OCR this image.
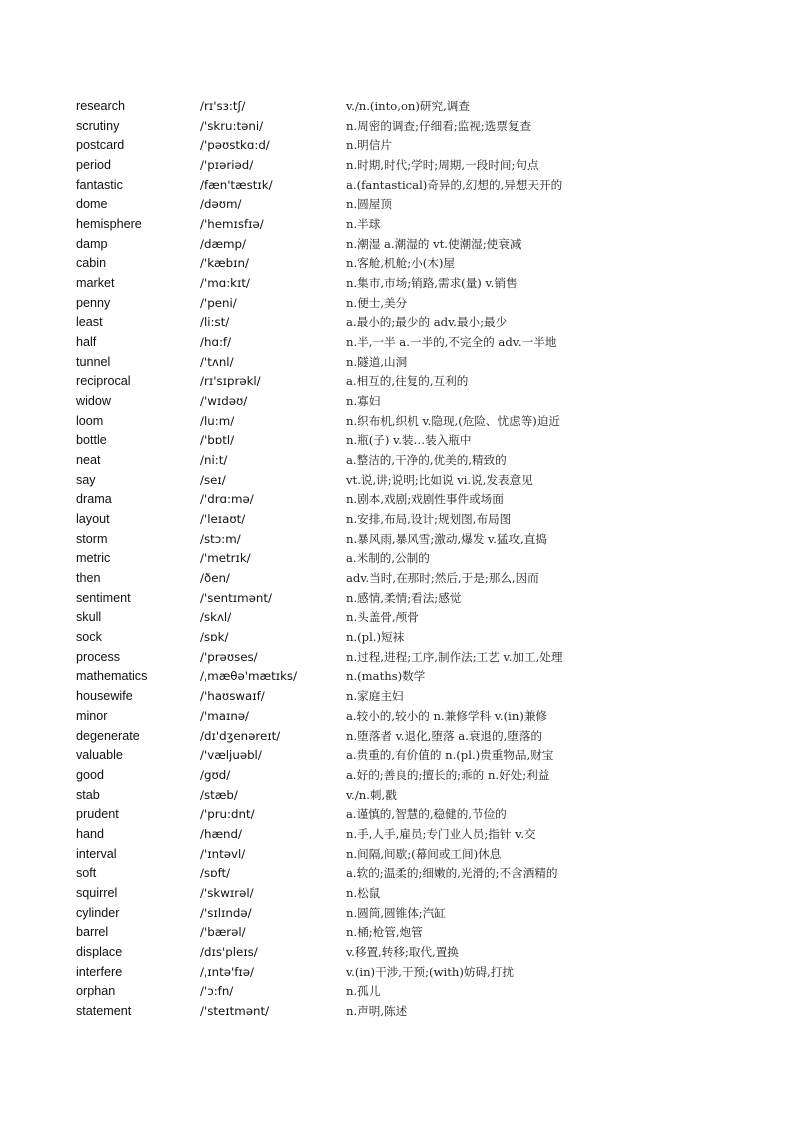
research	/rɪ'sɜ:tʃ/	v./n.(into,on)研究,调查
scrutiny	/'skru:təni/	n.周密的调查;仔细看;监视;选票复查
postcard	/'pəʊstkɑ:d/	n.明信片
period	/'pɪəriəd/	n.时期,时代;学时;周期,一段时间;句点
fantastic	/fæn'tæstɪk/	a.(fantastical)奇异的,幻想的,异想天开的
dome	/dəʊm/	n.圆屋顶
hemisphere	/'hemɪsfɪə/	n.半球
damp	/dæmp/	n.潮湿 a.潮湿的 vt.使潮湿;使衰减
cabin	/'kæbɪn/	n.客舱,机舱;小(木)屋
market	/'mɑ:kɪt/	n.集市,市场;销路,需求(量) v.销售
penny	/'peni/	n.便士,美分
least	/li:st/	a.最小的;最少的 adv.最小;最少
half	/hɑ:f/	n.半,一半 a.一半的,不完全的 adv.一半地
tunnel	/'tʌnl/	n.隧道,山洞
reciprocal	/rɪ'sɪprəkl/	a.相互的,往复的,互利的
widow	/'wɪdəʊ/	n.寡妇
loom	/lu:m/	n.织布机,织机 v.隐现,(危险、忧虑等)迫近
bottle	/'bɒtl/	n.瓶(子) v.装…装入瓶中
neat	/ni:t/	a.整洁的,干净的,优美的,精致的
say	/seɪ/	vt.说,讲;说明;比如说 vi.说,发表意见
drama	/'drɑ:mə/	n.剧本,戏剧;戏剧性事件或场面
layout	/'leɪaʊt/	n.安排,布局,设计;规划图,布局图
storm	/stɔ:m/	n.暴风雨,暴风雪;激动,爆发 v.猛攻,直捣
metric	/'metrɪk/	a.米制的,公制的
then	/ðen/	adv.当时,在那时;然后,于是;那么,因而
sentiment	/'sentɪmənt/	n.感情,柔情;看法;感觉
skull	/skʌl/	n.头盖骨,颅骨
sock	/sɒk/	n.(pl.)短袜
process	/'prəʊses/	n.过程,进程;工序,制作法;工艺 v.加工,处理
mathematics	/ˌmæθə'mætɪks/	n.(maths)数学
housewife	/'haʊswaɪf/	n.家庭主妇
minor	/'maɪnə/	a.较小的,较小的 n.兼修学科 v.(in)兼修
degenerate	/dɪ'dʒenəreɪt/	n.堕落者 v.退化,堕落 a.衰退的,堕落的
valuable	/'væljuəbl/	a.贵重的,有价值的 n.(pl.)贵重物品,财宝
good	/gʊd/	a.好的;善良的;擅长的;乖的 n.好处;利益
stab	/stæb/	v./n.刺,戳
prudent	/'pru:dnt/	a.谨慎的,智慧的,稳健的,节俭的
hand	/hænd/	n.手,人手,雇员;专门业人员;指针 v.交
interval	/'ɪntəvl/	n.间隔,间歇;(幕间或工间)休息
soft	/sɒft/	a.软的;温柔的;细嫩的,光滑的;不含酒精的
squirrel	/'skwɪrəl/	n.松鼠
cylinder	/'sɪlɪndə/	n.圆筒,圆锥体;汽缸
barrel	/'bærəl/	n.桶;枪管,炮管
displace	/dɪs'pleɪs/	v.移置,转移;取代,置换
interfere	/ˌɪntə'fɪə/	v.(in)干涉,干预;(with)妨碍,打扰
orphan	/'ɔ:fn/	n.孤儿
statement	/'steɪtmənt/	n.声明,陈述
